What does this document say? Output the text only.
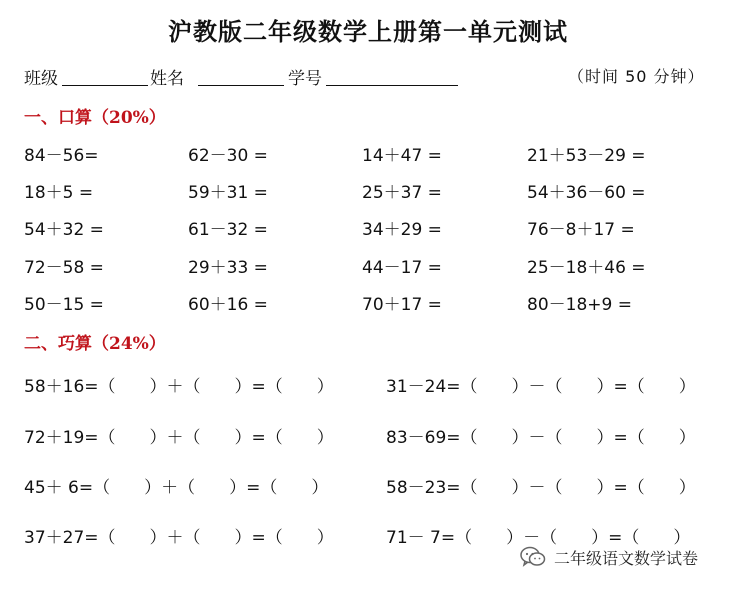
沪教版二年级数学上册第一单元测试
班级	姓名	学号	（时间 50 分钟）
一、口算（20%）
84－56=	62－30 =	14＋47 =	21＋53－29 =
18＋5 =	59＋31 =	25＋37 =	54＋36－60 =
54＋32 =	61－32 =	34＋29 =	76－8＋17 =
72－58 =	29＋33 =	44－17 =	25－18＋46 =
50－15 =	60＋16 =	70＋17 =	80－18+9 =
二、巧算（24%）
58＋16=（　　）＋（　　）=（　　）	31－24=（　　）－（　　）=（　　）
72＋19=（　　）＋（　　）=（　　）	83－69=（　　）－（　　）=（　　）
45＋ 6=（　　）＋（　　）=（　　）	58－23=（　　）－（　　）=（　　）
37＋27=（　　）＋（　　）=（　　）	71－ 7=（　　）－（　　）=（　　）
二年级语文数学试卷
